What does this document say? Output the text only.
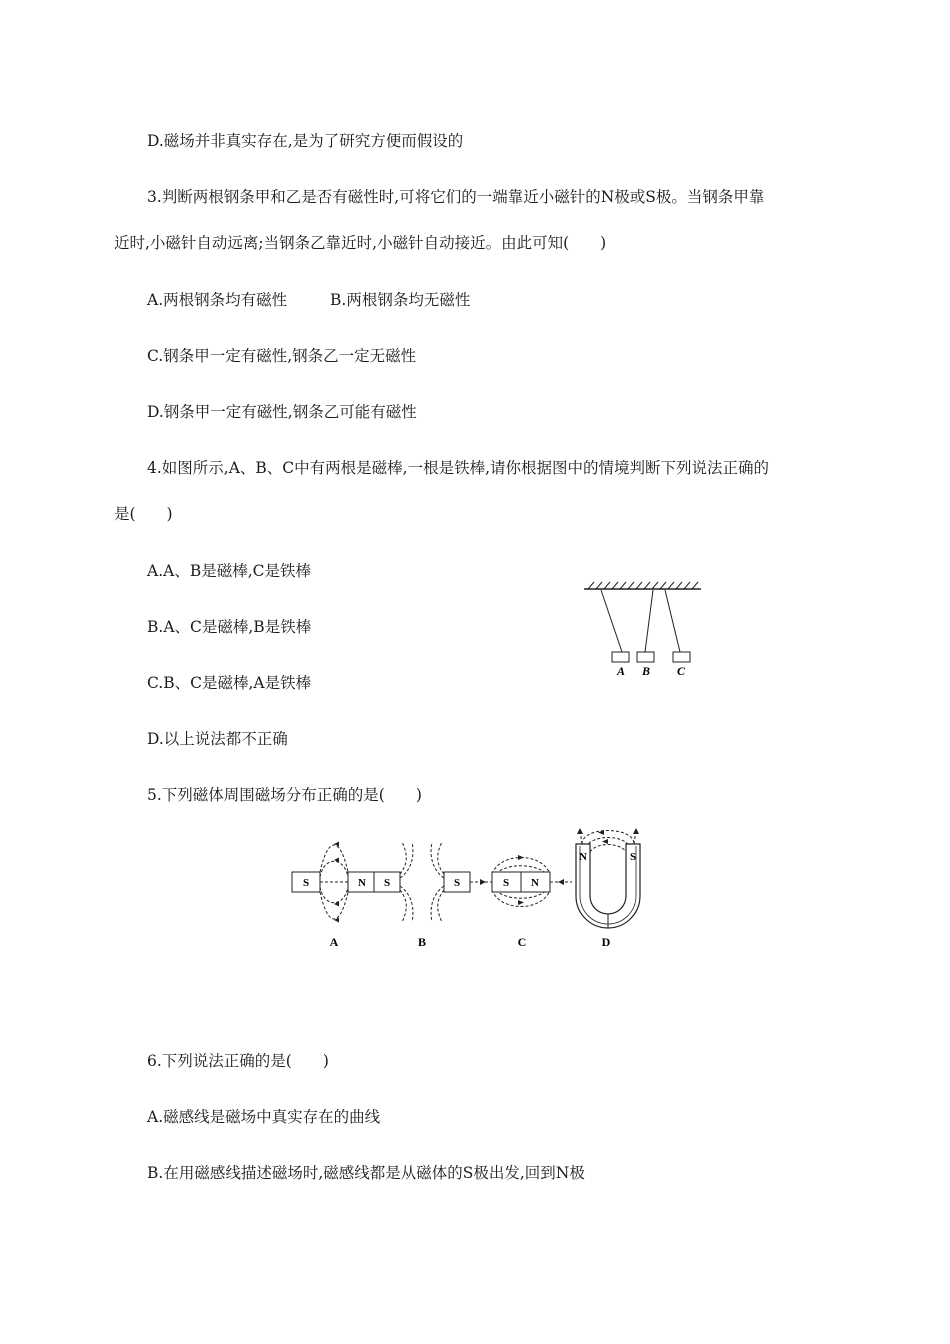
D.磁场并非真实存在,是为了研究方便而假设的
3.判断两根钢条甲和乙是否有磁性时,可将它们的一端靠近小磁针的N极或S极。当钢条甲靠
近时,小磁针自动远离;当钢条乙靠近时,小磁针自动接近。由此可知(　　)
A.两根钢条均有磁性	B.两根钢条均无磁性
C.钢条甲一定有磁性,钢条乙一定无磁性
D.钢条甲一定有磁性,钢条乙可能有磁性
4.如图所示,A、B、C中有两根是磁棒,一根是铁棒,请你根据图中的情境判断下列说法正确的
是(　　)
A.A、B是磁棒,C是铁棒
B.A、C是磁棒,B是铁棒
C.B、C是磁棒,A是铁棒
D.以上说法都不正确
A B C
5.下列磁体周围磁场分布正确的是(　　)
S	N S	S	S N
N	S
A	B	C	D
6.下列说法正确的是(　　)
A.磁感线是磁场中真实存在的曲线
B.在用磁感线描述磁场时,磁感线都是从磁体的S极出发,回到N极
